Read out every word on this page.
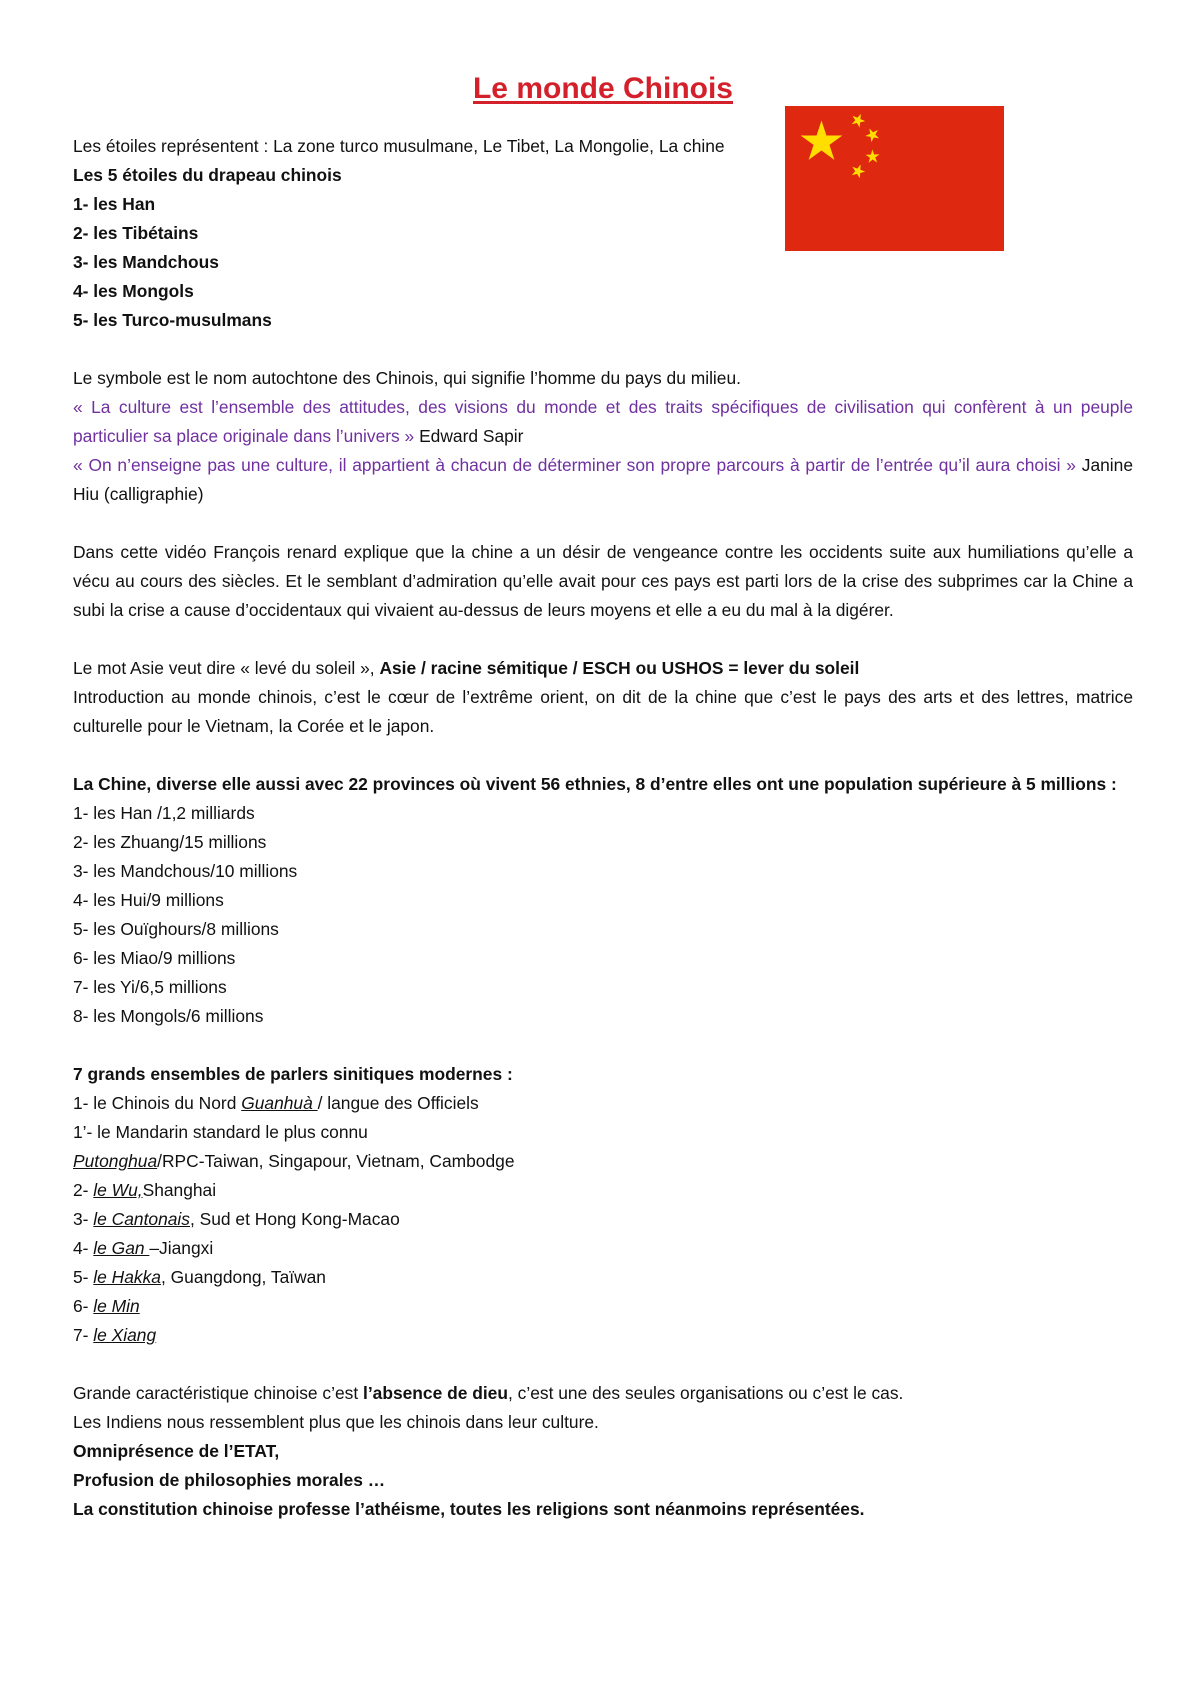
Le monde Chinois

Les étoiles représentent : La zone turco musulmane, Le Tibet, La Mongolie, La chine

Les 5 étoiles du drapeau chinois

1- les Han

2- les Tibétains

3- les Mandchous

4- les Mongols

5- les Turco-musulmans

Le symbole est le nom autochtone des Chinois, qui signifie l’homme du pays du milieu.

« La culture est l’ensemble des attitudes, des visions du monde et des traits spécifiques de civilisation qui confèrent à un peuple particulier sa place originale dans l’univers » Edward Sapir

« On n’enseigne pas une culture, il appartient à chacun de déterminer son propre parcours à partir de l’entrée qu’il aura choisi » Janine Hiu (calligraphie)

Dans cette vidéo François renard explique que la chine a un désir de vengeance contre les occidents suite aux humiliations qu’elle a vécu au cours des siècles. Et le semblant d’admiration qu’elle avait pour ces pays est parti lors de la crise des subprimes car la Chine a subi la crise a cause d’occidentaux qui vivaient au-dessus de leurs moyens et elle a eu du mal à la digérer.

Le mot Asie veut dire « levé du soleil », Asie / racine sémitique / ESCH ou USHOS = lever du soleil

Introduction au monde chinois, c’est le cœur de l’extrême orient, on dit de la chine que c’est le pays des arts et des lettres, matrice culturelle pour le Vietnam, la Corée et le japon.

La Chine, diverse elle aussi avec 22 provinces où vivent 56 ethnies, 8 d’entre elles ont une population supérieure à 5 millions :

1- les Han /1,2 milliards

2- les Zhuang/15 millions

3- les Mandchous/10 millions

4- les Hui/9 millions

5- les Ouïghours/8 millions

6- les Miao/9 millions

7- les Yi/6,5 millions

8- les Mongols/6 millions

7 grands ensembles de parlers sinitiques modernes :

1- le Chinois du Nord Guanhuà / langue des Officiels

1’- le Mandarin standard le plus connu

Putonghua/RPC-Taiwan, Singapour, Vietnam, Cambodge

2- le Wu,Shanghai

3- le Cantonais, Sud et Hong Kong-Macao

4- le Gan –Jiangxi

5- le Hakka, Guangdong, Taïwan

6- le Min

7- le Xiang

Grande caractéristique chinoise c’est l’absence de dieu, c’est une des seules organisations ou c’est le cas.

Les Indiens nous ressemblent plus que les chinois dans leur culture.

Omniprésence de l’ETAT,

Profusion de philosophies morales …

La constitution chinoise professe l’athéisme, toutes les religions sont néanmoins représentées.
